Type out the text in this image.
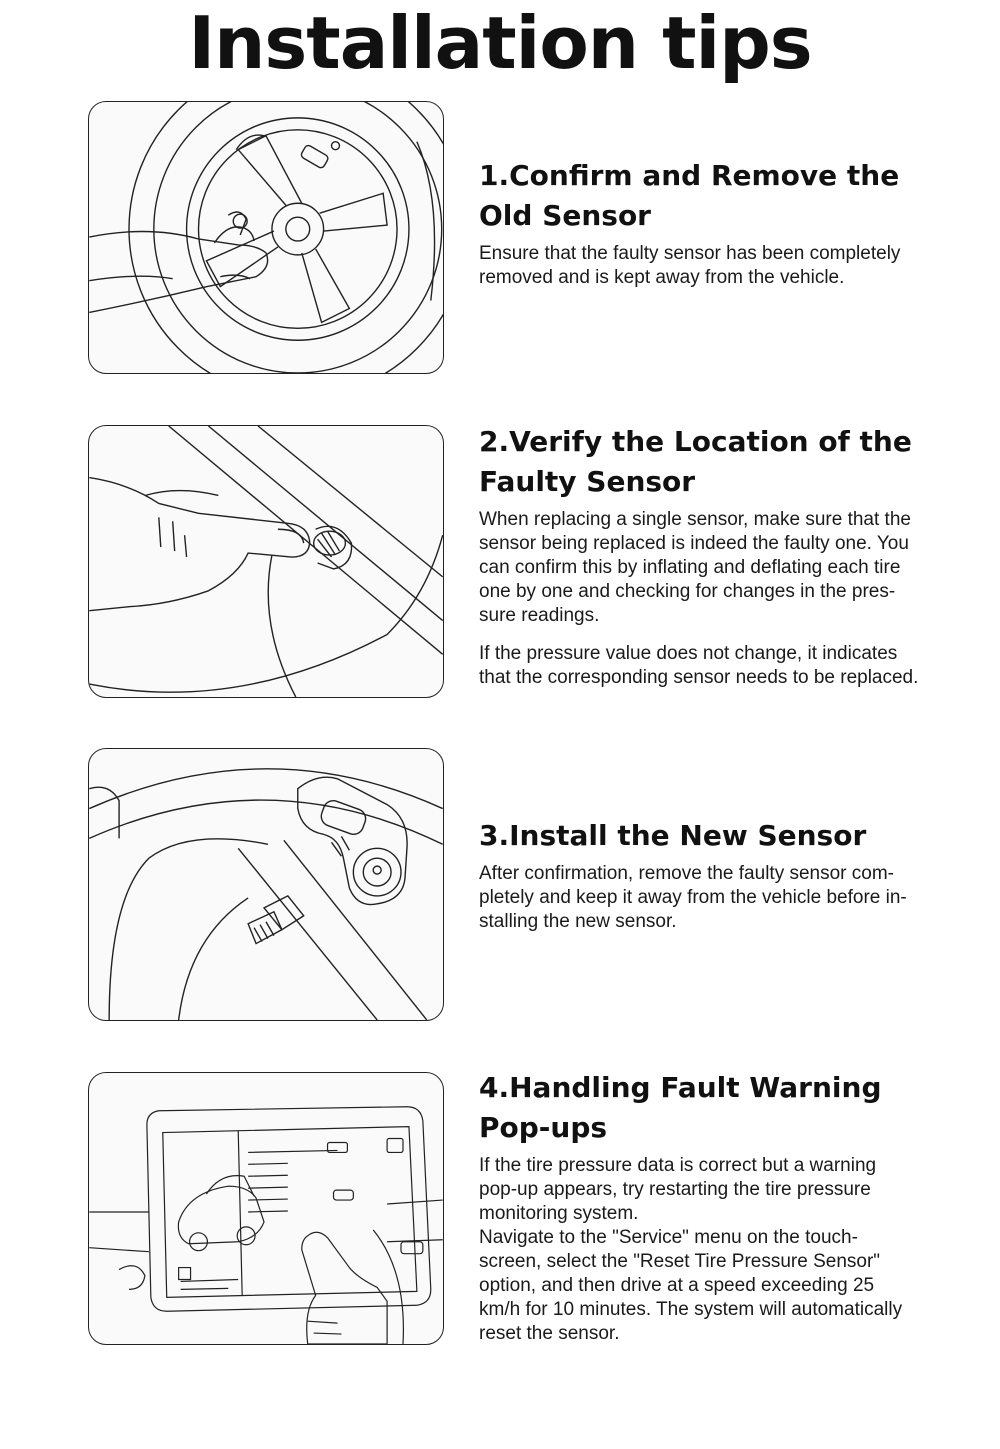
Installation tips
1.Confirm and Remove the
Old Sensor

Ensure that the faulty sensor has been completely
removed and is kept away from the vehicle.

2.Verify the Location of the
Faulty Sensor

When replacing a single sensor, make sure that the
sensor being replaced is indeed the faulty one. You
can confirm this by inflating and deflating each tire
one by one and checking for changes in the pres-
sure readings.

If the pressure value does not change, it indicates
that the corresponding sensor needs to be replaced.

3.Install the New Sensor

After confirmation, remove the faulty sensor com-
pletely and keep it away from the vehicle before in-
stalling the new sensor.

4.Handling Fault Warning
Pop-ups

If the tire pressure data is correct but a warning
pop-up appears, try restarting the tire pressure
monitoring system.
Navigate to the "Service" menu on the touch-
screen, select the "Reset Tire Pressure Sensor"
option, and then drive at a speed exceeding 25
km/h for 10 minutes. The system will automatically
reset the sensor.
